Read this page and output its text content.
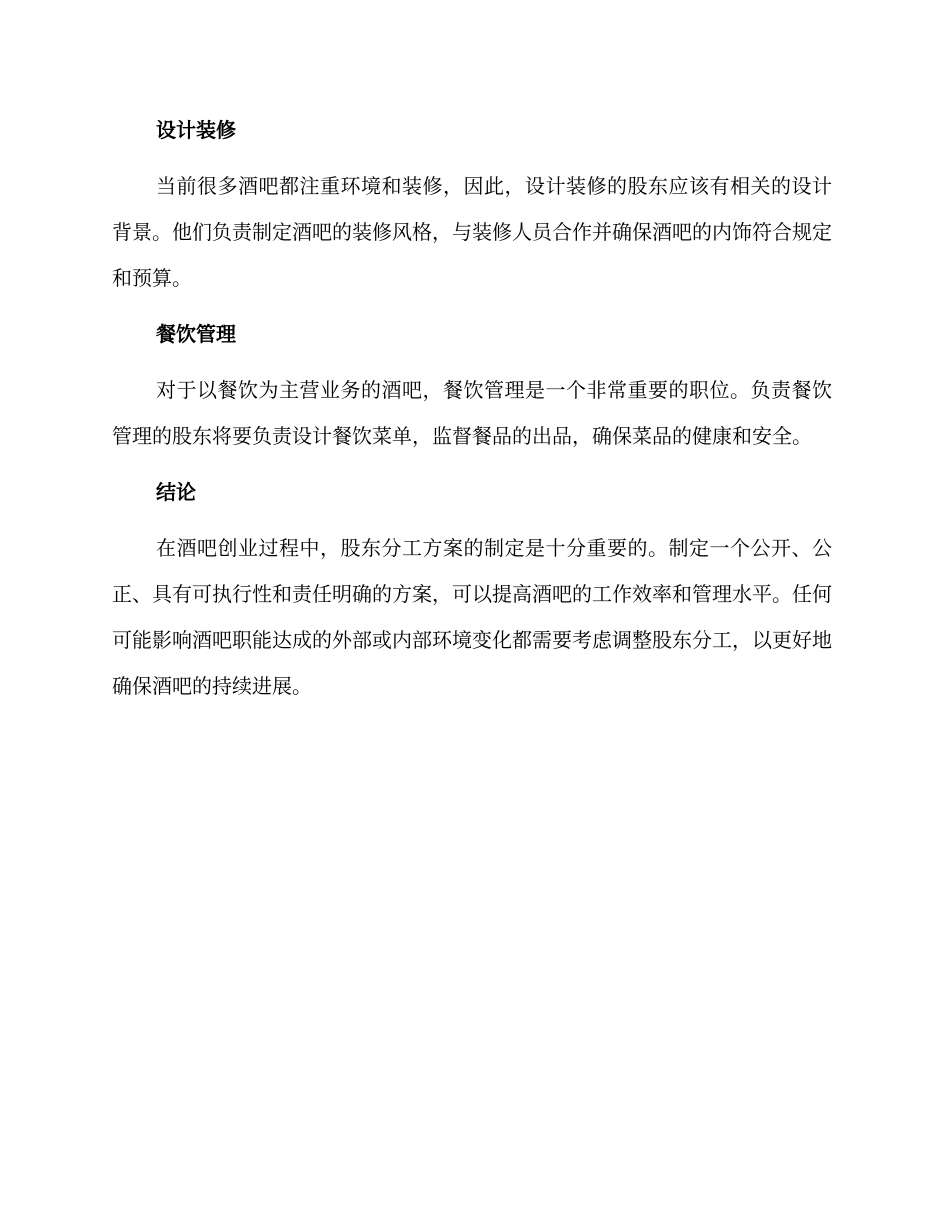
设计装修

当前很多酒吧都注重环境和装修，因此，设计装修的股东应该有相关的设计背景。他们负责制定酒吧的装修风格，与装修人员合作并确保酒吧的内饰符合规定和预算。

餐饮管理

对于以餐饮为主营业务的酒吧，餐饮管理是一个非常重要的职位。负责餐饮管理的股东将要负责设计餐饮菜单，监督餐品的出品，确保菜品的健康和安全。

结论

在酒吧创业过程中，股东分工方案的制定是十分重要的。制定一个公开、公正、具有可执行性和责任明确的方案，可以提高酒吧的工作效率和管理水平。任何可能影响酒吧职能达成的外部或内部环境变化都需要考虑调整股东分工，以更好地确保酒吧的持续进展。
